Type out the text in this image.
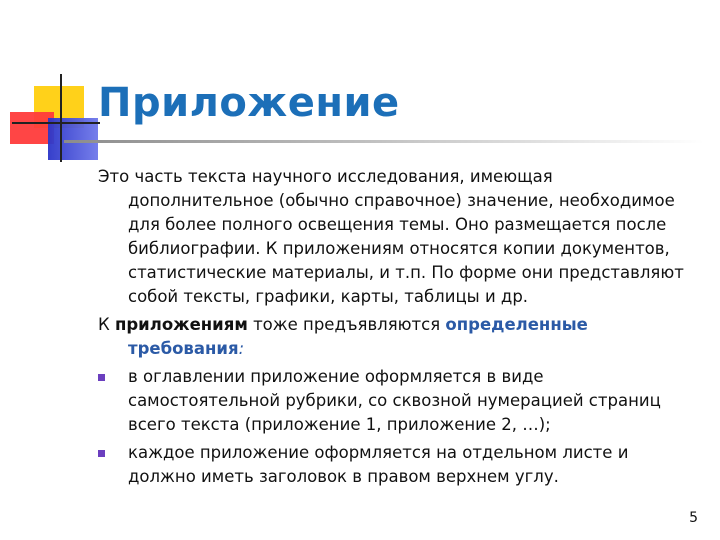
Приложение

Это часть текста научного исследования, имеющая дополнительное (обычно справочное) значение, необходимое для более полного освещения темы. Оно размещается после библиографии. К приложениям относятся копии документов, статистические материалы, и т.п. По форме они представляют собой тексты, графики, карты, таблицы и др.

К приложениям тоже предъявляются определенные требования:

в оглавлении приложение оформляется в виде самостоятельной рубрики, со сквозной нумерацией страниц всего текста (приложение 1, приложение 2, …);
каждое приложение оформляется на отдельном листе и должно иметь заголовок в правом верхнем углу.
5
